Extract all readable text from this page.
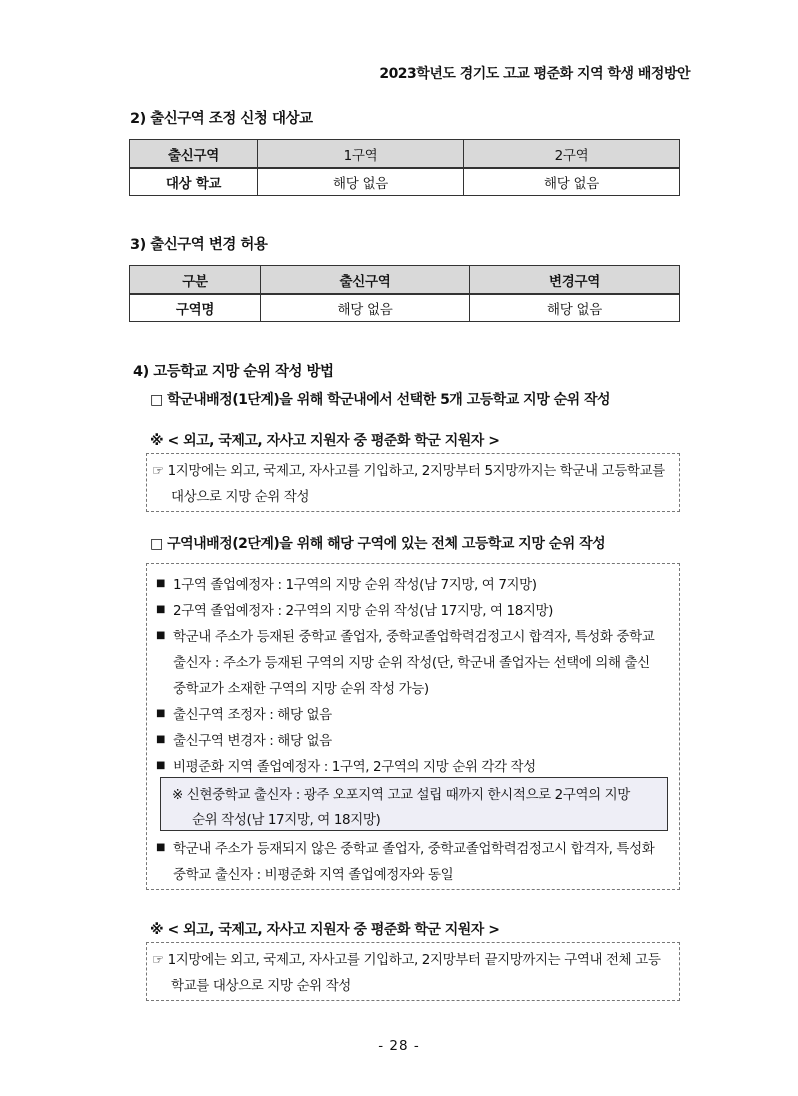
2023학년도 경기도 고교 평준화 지역 학생 배정방안
2) 출신구역 조정 신청 대상교
출신구역	1구역	2구역
대상 학교	해당 없음	해당 없음
3) 출신구역 변경 허용
구분	출신구역	변경구역
구역명	해당 없음	해당 없음
4) 고등학교 지망 순위 작성 방법
□ 학군내배정(1단계)을 위해 학군내에서 선택한 5개 고등학교 지망 순위 작성
※ < 외고, 국제고, 자사고 지원자 중 평준화 학군 지원자 >
☞ 1지망에는 외고, 국제고, 자사고를 기입하고, 2지망부터 5지망까지는 학군내 고등학교를
대상으로 지망 순위 작성
□ 구역내배정(2단계)을 위해 해당 구역에 있는 전체 고등학교 지망 순위 작성
■ 1구역 졸업예정자 : 1구역의 지망 순위 작성(남 7지망, 여 7지망)
■ 2구역 졸업예정자 : 2구역의 지망 순위 작성(남 17지망, 여 18지망)
■ 학군내 주소가 등재된 중학교 졸업자, 중학교졸업학력검정고시 합격자, 특성화 중학교
출신자 : 주소가 등재된 구역의 지망 순위 작성(단, 학군내 졸업자는 선택에 의해 출신
중학교가 소재한 구역의 지망 순위 작성 가능)
■ 출신구역 조정자 : 해당 없음
■ 출신구역 변경자 : 해당 없음
■ 비평준화 지역 졸업예정자 : 1구역, 2구역의 지망 순위 각각 작성
※ 신현중학교 출신자 : 광주 오포지역 고교 설립 때까지 한시적으로 2구역의 지망
순위 작성(남 17지망, 여 18지망)
■ 학군내 주소가 등재되지 않은 중학교 졸업자, 중학교졸업학력검정고시 합격자, 특성화
중학교 출신자 : 비평준화 지역 졸업예정자와 동일
※ < 외고, 국제고, 자사고 지원자 중 평준화 학군 지원자 >
☞ 1지망에는 외고, 국제고, 자사고를 기입하고, 2지망부터 끝지망까지는 구역내 전체 고등
학교를 대상으로 지망 순위 작성
- 28 -
